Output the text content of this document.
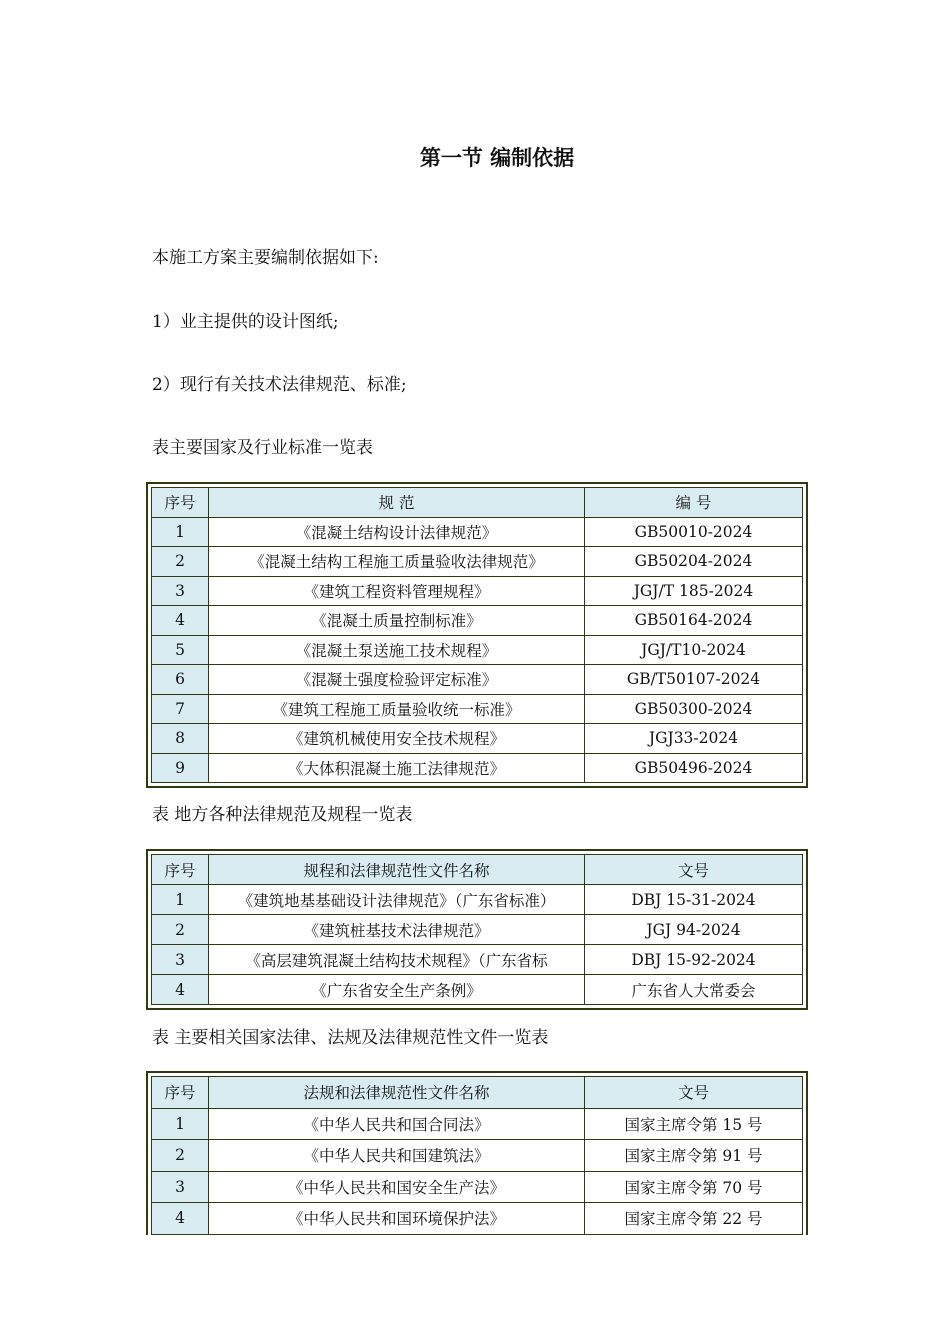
第一节 编制依据
本施工方案主要编制依据如下:
1）业主提供的设计图纸;
2）现行有关技术法律规范、标准;
表主要国家及行业标准一览表
序号	规 范	编 号
1	《混凝土结构设计法律规范》	GB50010-2024
2	《混凝土结构工程施工质量验收法律规范》	GB50204-2024
3	《建筑工程资料管理规程》	JGJ/T 185-2024
4	《混凝土质量控制标准》	GB50164-2024
5	《混凝土泵送施工技术规程》	JGJ/T10-2024
6	《混凝土强度检验评定标准》	GB/T50107-2024
7	《建筑工程施工质量验收统一标准》	GB50300-2024
8	《建筑机械使用安全技术规程》	JGJ33-2024
9	《大体积混凝土施工法律规范》	GB50496-2024
表 地方各种法律规范及规程一览表
序号	规程和法律规范性文件名称	文号
1	《建筑地基基础设计法律规范》（广东省标准）	DBJ 15-31-2024
2	《建筑桩基技术法律规范》	JGJ 94-2024
3	《高层建筑混凝土结构技术规程》（广东省标	DBJ 15-92-2024
4	《广东省安全生产条例》	广东省人大常委会
表 主要相关国家法律、法规及法律规范性文件一览表
序号	法规和法律规范性文件名称	文号
1	《中华人民共和国合同法》	国家主席令第 15 号
2	《中华人民共和国建筑法》	国家主席令第 91 号
3	《中华人民共和国安全生产法》	国家主席令第 70 号
4	《中华人民共和国环境保护法》	国家主席令第 22 号
